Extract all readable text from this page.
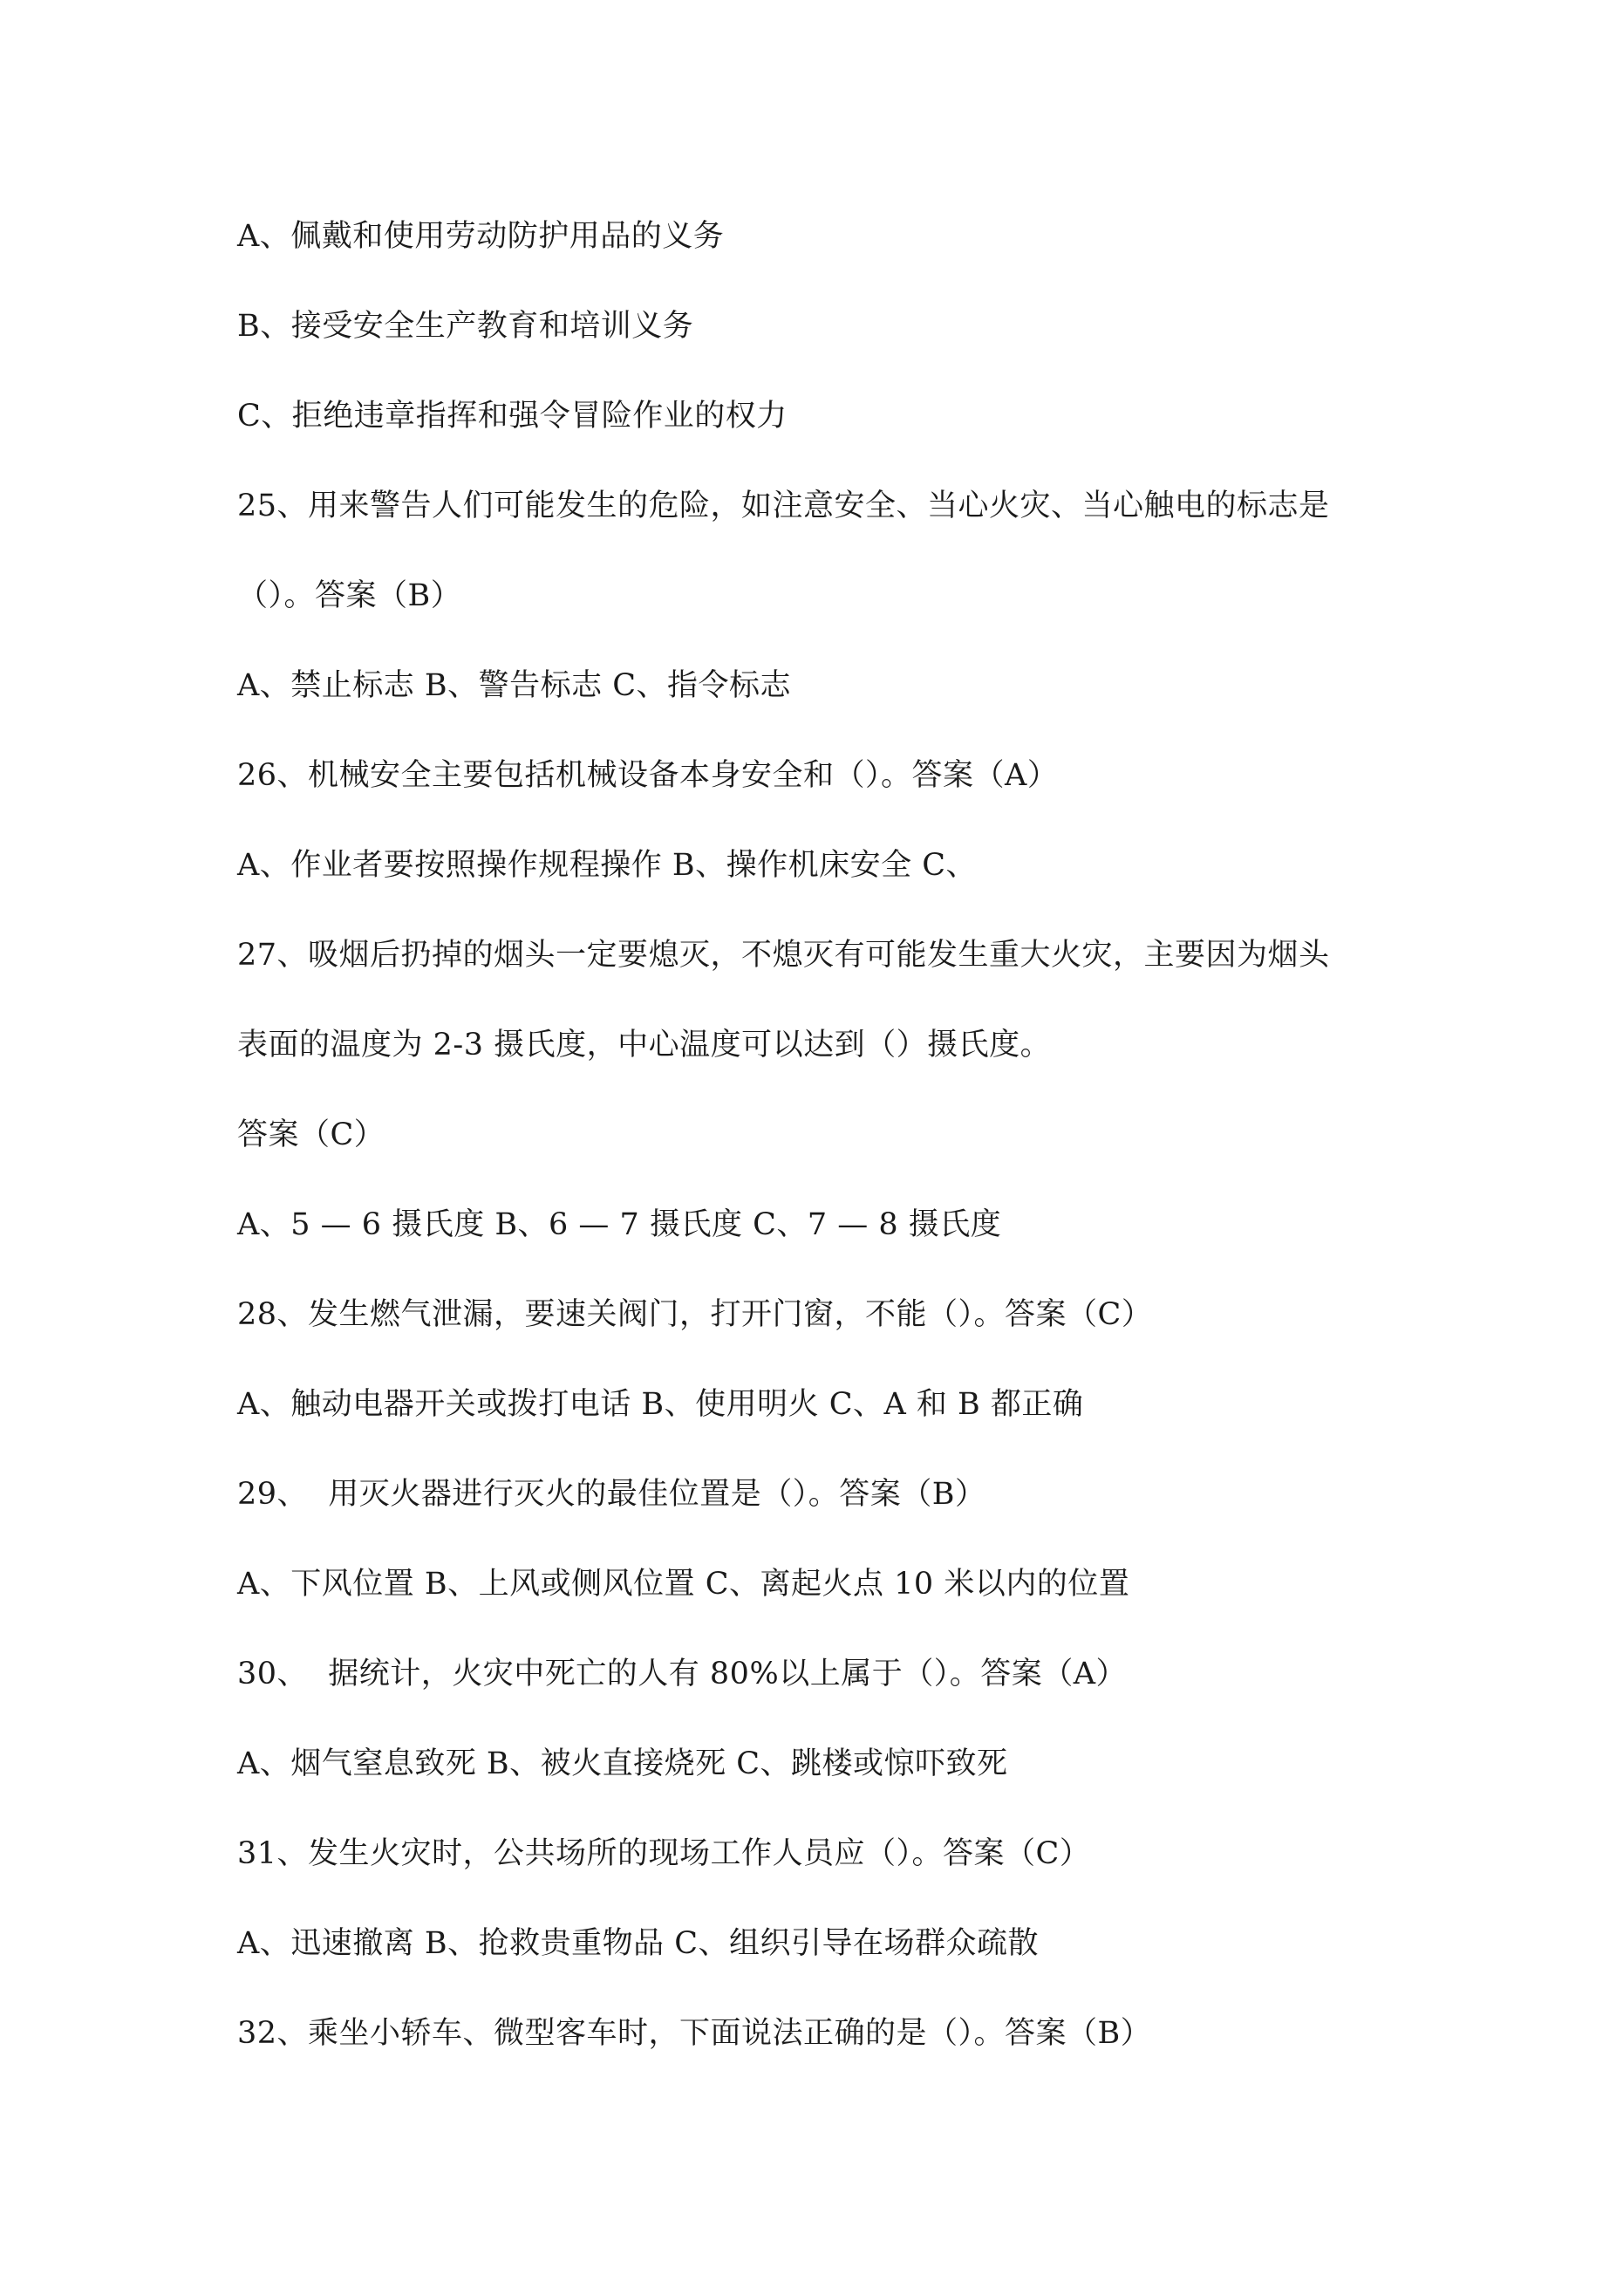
A、佩戴和使用劳动防护用品的义务
B、接受安全生产教育和培训义务
C、拒绝违章指挥和强令冒险作业的权力
25、用来警告人们可能发生的危险，如注意安全、当心火灾、当心触电的标志是
（）。答案（B）
A、禁止标志 B、警告标志 C、指令标志
26、机械安全主要包括机械设备本身安全和（）。答案（A）
A、作业者要按照操作规程操作 B、操作机床安全 C、
27、吸烟后扔掉的烟头一定要熄灭，不熄灭有可能发生重大火灾，主要因为烟头
表面的温度为 2-3 摄氏度，中心温度可以达到（）摄氏度。
答案（C）
A、5 — 6 摄氏度 B、6 — 7 摄氏度 C、7 — 8 摄氏度
28、发生燃气泄漏，要速关阀门，打开门窗，不能（）。答案（C）
A、触动电器开关或拨打电话 B、使用明火 C、A 和 B 都正确
29、  用灭火器进行灭火的最佳位置是（）。答案（B）
A、下风位置 B、上风或侧风位置 C、离起火点 10 米以内的位置
30、  据统计，火灾中死亡的人有 80%以上属于（）。答案（A）
A、烟气窒息致死 B、被火直接烧死 C、跳楼或惊吓致死
31、发生火灾时，公共场所的现场工作人员应（）。答案（C）
A、迅速撤离 B、抢救贵重物品 C、组织引导在场群众疏散
32、乘坐小轿车、微型客车时，下面说法正确的是（）。答案（B）
